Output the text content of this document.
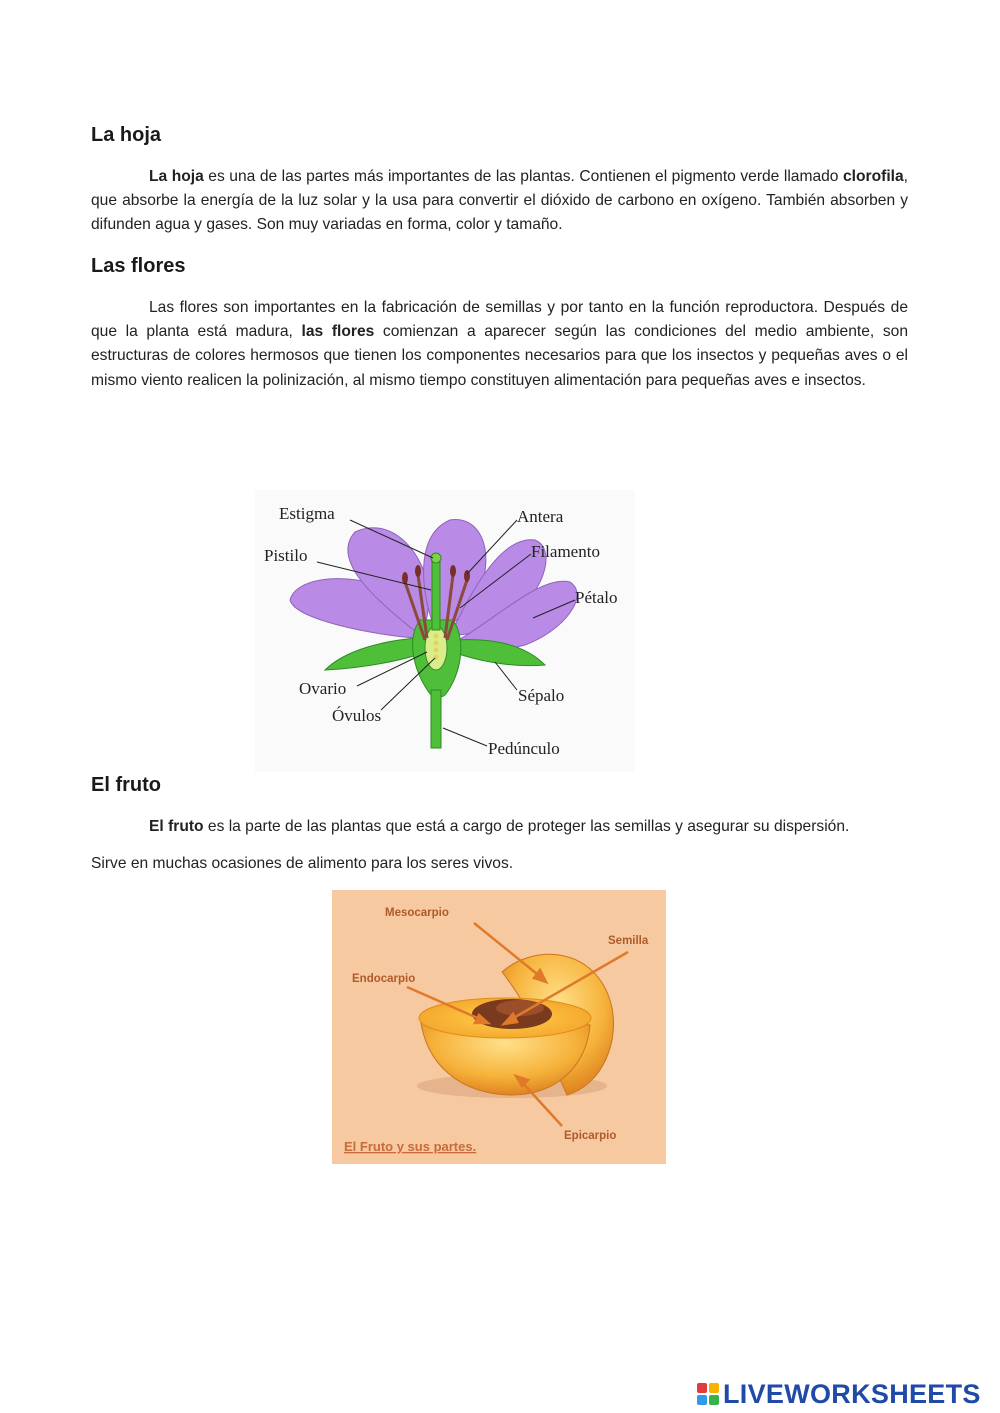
La hoja

La hoja es una de las partes más importantes de las plantas. Contienen el pigmento verde llamado clorofila, que absorbe la energía de la luz solar y la usa para convertir el dióxido de carbono en oxígeno. También absorben y difunden agua y gases. Son muy variadas en forma, color y tamaño.

Las flores

Las flores son importantes en la fabricación de semillas y por tanto en la función reproductora. Después de que la planta está madura, las flores comienzan a aparecer según las condiciones del medio ambiente, son estructuras de colores hermosos que tienen los componentes necesarios para que los insectos y pequeñas aves o el mismo viento realicen la polinización, al mismo tiempo constituyen alimentación para pequeñas aves e insectos.

Estigma
Pistilo
Antera
Filamento
Pétalo
Ovario
Óvulos
Sépalo
Pedúnculo
El fruto

El fruto es la parte de las plantas que está a cargo de proteger las semillas y asegurar su dispersión.

Sirve en muchas ocasiones de alimento para los seres vivos.

Mesocarpio
Semilla
Endocarpio
Epicarpio
El Fruto y sus partes.
LIVEWORKSHEETS
